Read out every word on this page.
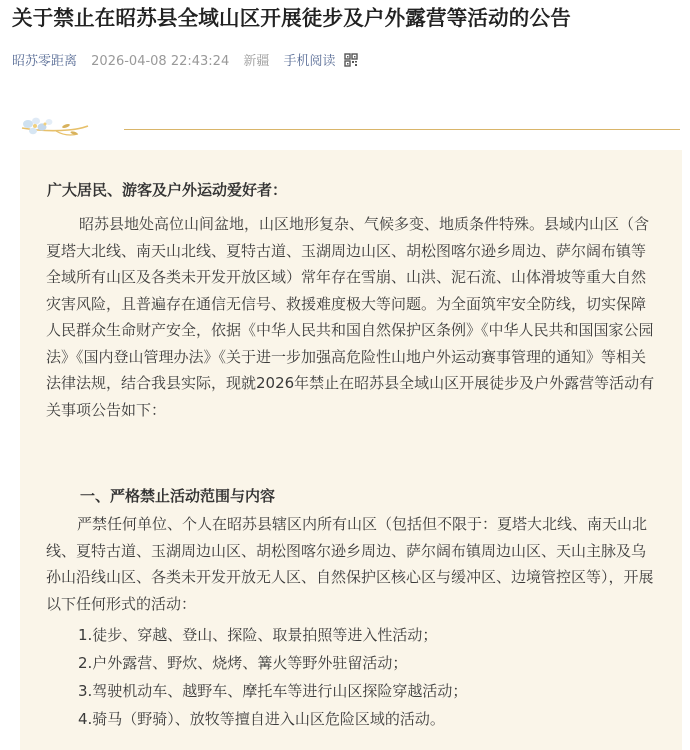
关于禁止在昭苏县全域山区开展徒步及户外露营等活动的公告
昭苏零距离 2026-04-08 22:43:24 新疆 手机阅读
广大居民、游客及户外运动爱好者：
昭苏县地处高位山间盆地，山区地形复杂、气候多变、地质条件特殊。县域内山区（含夏塔大北线、南天山北线、夏特古道、玉湖周边山区、胡松图喀尔逊乡周边、萨尔阔布镇等全域所有山区及各类未开发开放区域）常年存在雪崩、山洪、泥石流、山体滑坡等重大自然灾害风险，且普遍存在通信无信号、救援难度极大等问题。为全面筑牢安全防线，切实保障人民群众生命财产安全，依据《中华人民共和国自然保护区条例》《中华人民共和国国家公园法》《国内登山管理办法》《关于进一步加强高危险性山地户外运动赛事管理的通知》等相关法律法规，结合我县实际，现就2026年禁止在昭苏县全域山区开展徒步及户外露营等活动有关事项公告如下：
一、严格禁止活动范围与内容
严禁任何单位、个人在昭苏县辖区内所有山区（包括但不限于：夏塔大北线、南天山北线、夏特古道、玉湖周边山区、胡松图喀尔逊乡周边、萨尔阔布镇周边山区、天山主脉及乌孙山沿线山区、各类未开发开放无人区、自然保护区核心区与缓冲区、边境管控区等），开展以下任何形式的活动：
1.徒步、穿越、登山、探险、取景拍照等进入性活动；
2.户外露营、野炊、烧烤、篝火等野外驻留活动；
3.驾驶机动车、越野车、摩托车等进行山区探险穿越活动；
4.骑马（野骑）、放牧等擅自进入山区危险区域的活动。
